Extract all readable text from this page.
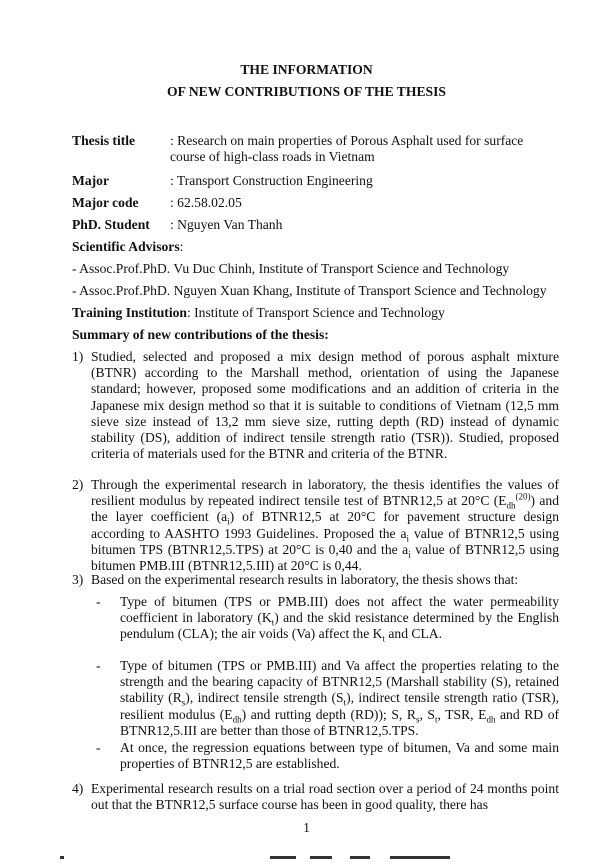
THE INFORMATION
OF NEW CONTRIBUTIONS OF THE THESIS
Thesis title	: Research on main properties of Porous Asphalt used for surface course of high-class roads in Vietnam
Major	: Transport Construction Engineering
Major code : 62.58.02.05
PhD. Student : Nguyen Van Thanh
Scientific Advisors:
- Assoc.Prof.PhD. Vu Duc Chinh, Institute of Transport Science and Technology
- Assoc.Prof.PhD. Nguyen Xuan Khang, Institute of Transport Science and Technology
Training Institution: Institute of Transport Science and Technology
Summary of new contributions of the thesis:
1) Studied, selected and proposed a mix design method of porous asphalt mixture (BTNR) according to the Marshall method, orientation of using the Japanese standard; however, proposed some modifications and an addition of criteria in the Japanese mix design method so that it is suitable to conditions of Vietnam (12,5 mm sieve size instead of 13,2 mm sieve size, rutting depth (RD) instead of dynamic stability (DS), addition of indirect tensile strength ratio (TSR)). Studied, proposed criteria of materials used for the BTNR and criteria of the BTNR.
2) Through the experimental research in laboratory, the thesis identifies the values of resilient modulus by repeated indirect tensile test of BTNR12,5 at 20°C $(E_{dh}^{(20)})$ and the layer coefficient $(a_i)$ of BTNR12,5 at 20°C for pavement structure design according to AASHTO 1993 Guidelines. Proposed the $a_i$ value of BTNR12,5 using bitumen TPS (BTNR12,5.TPS) at 20°C is 0,40 and the $a_i$ value of BTNR12,5 using bitumen PMB.III (BTNR12,5.III) at 20°C is 0,44.
3) Based on the experimental research results in laboratory, the thesis shows that:
-	Type of bitumen (TPS or PMB.III) does not affect the water permeability coefficient in laboratory $(K_t)$ and the skid resistance determined by the English pendulum (CLA); the air voids (Va) affect the $K_t$ and CLA.
-	Type of bitumen (TPS or PMB.III) and Va affect the properties relating to the strength and the bearing capacity of BTNR12,5 (Marshall stability (S), retained stability $(R_s)$, indirect tensile strength $(S_t)$, indirect tensile strength ratio (TSR), resilient modulus $(E_{dh})$ and rutting depth (RD)); S, $R_s$, $S_t$, TSR, $E_{dh}$ and RD of BTNR12,5.III are better than those of BTNR12,5.TPS.
-	At once, the regression equations between type of bitumen, Va and some main properties of BTNR12,5 are established.
4) Experimental research results on a trial road section over a period of 24 months point out that the BTNR12,5 surface course has been in good quality, there has
1
